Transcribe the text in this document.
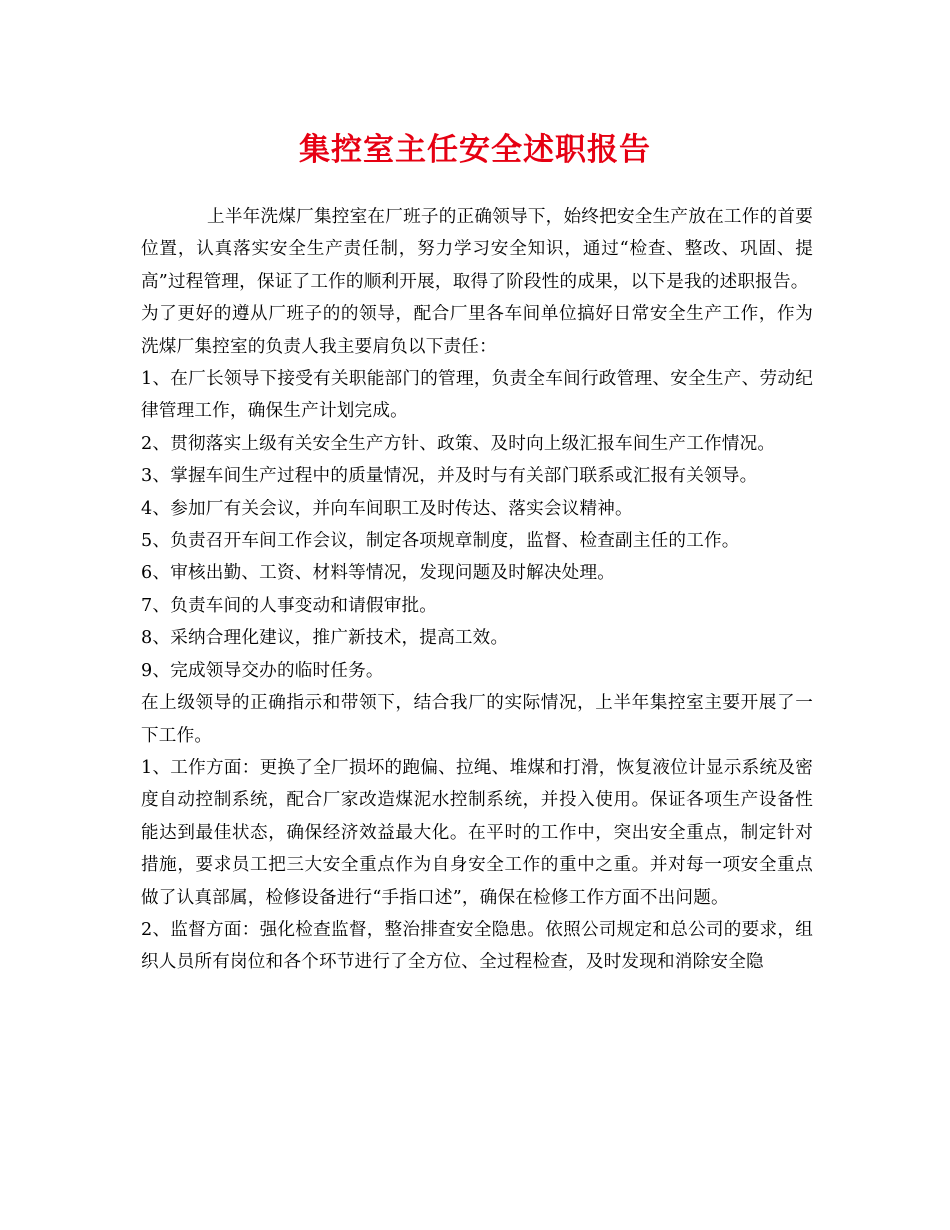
集控室主任安全述职报告

上半年洗煤厂集控室在厂班子的正确领导下，始终把安全生产放在工作的首要位置，认真落实安全生产责任制，努力学习安全知识，通过“检查、整改、巩固、提高”过程管理，保证了工作的顺利开展，取得了阶段性的成果，以下是我的述职报告。

为了更好的遵从厂班子的的领导，配合厂里各车间单位搞好日常安全生产工作，作为洗煤厂集控室的负责人我主要肩负以下责任：

1、在厂长领导下接受有关职能部门的管理，负责全车间行政管理、安全生产、劳动纪律管理工作，确保生产计划完成。

2、贯彻落实上级有关安全生产方针、政策、及时向上级汇报车间生产工作情况。

3、掌握车间生产过程中的质量情况，并及时与有关部门联系或汇报有关领导。

4、参加厂有关会议，并向车间职工及时传达、落实会议精神。

5、负责召开车间工作会议，制定各项规章制度，监督、检查副主任的工作。

6、审核出勤、工资、材料等情况，发现问题及时解决处理。

7、负责车间的人事变动和请假审批。

8、采纳合理化建议，推广新技术，提高工效。

9、完成领导交办的临时任务。

在上级领导的正确指示和带领下，结合我厂的实际情况，上半年集控室主要开展了一下工作。

1、工作方面：更换了全厂损坏的跑偏、拉绳、堆煤和打滑，恢复液位计显示系统及密度自动控制系统，配合厂家改造煤泥水控制系统，并投入使用。保证各项生产设备性能达到最佳状态，确保经济效益最大化。在平时的工作中，突出安全重点，制定针对措施，要求员工把三大安全重点作为自身安全工作的重中之重。并对每一项安全重点做了认真部属，检修设备进行“手指口述”，确保在检修工作方面不出问题。

2、监督方面：强化检查监督，整治排查安全隐患。依照公司规定和总公司的要求，组织人员所有岗位和各个环节进行了全方位、全过程检查，及时发现和消除安全隐
